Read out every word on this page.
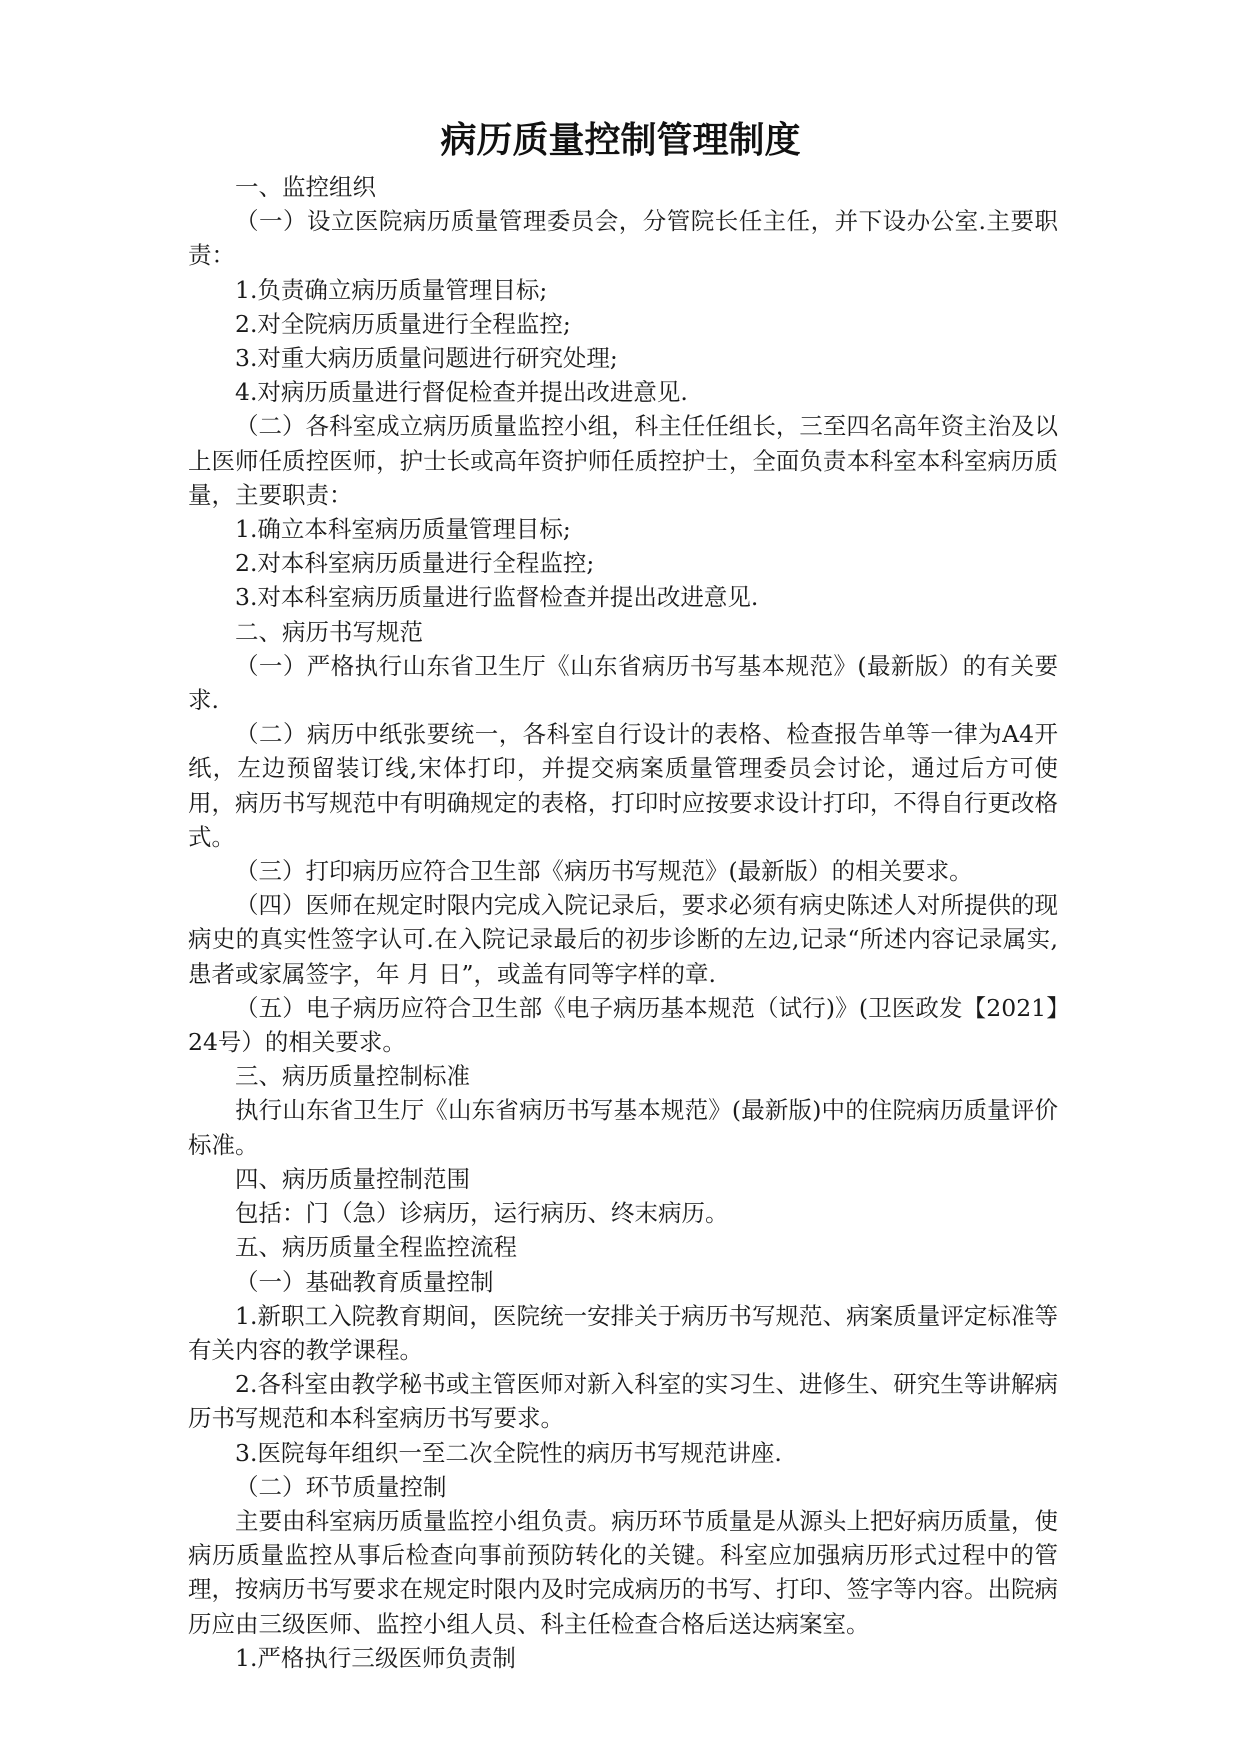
病历质量控制管理制度

一、监控组织

（一）设立医院病历质量管理委员会，分管院长任主任，并下设办公室.主要职责：

1.负责确立病历质量管理目标;

2.对全院病历质量进行全程监控;

3.对重大病历质量问题进行研究处理;

4.对病历质量进行督促检查并提出改进意见.

（二）各科室成立病历质量监控小组，科主任任组长，三至四名高年资主治及以上医师任质控医师，护士长或高年资护师任质控护士，全面负责本科室本科室病历质量，主要职责：

1.确立本科室病历质量管理目标;

2.对本科室病历质量进行全程监控;

3.对本科室病历质量进行监督检查并提出改进意见.

二、病历书写规范

（一）严格执行山东省卫生厅《山东省病历书写基本规范》(最新版）的有关要求.

（二）病历中纸张要统一，各科室自行设计的表格、检查报告单等一律为A4开纸，左边预留装订线,宋体打印，并提交病案质量管理委员会讨论，通过后方可使用，病历书写规范中有明确规定的表格，打印时应按要求设计打印，不得自行更改格式。

（三）打印病历应符合卫生部《病历书写规范》(最新版）的相关要求。

（四）医师在规定时限内完成入院记录后，要求必须有病史陈述人对所提供的现病史的真实性签字认可.在入院记录最后的初步诊断的左边,记录“所述内容记录属实,患者或家属签字，年 月 日”，或盖有同等字样的章.

（五）电子病历应符合卫生部《电子病历基本规范（试行)》(卫医政发【2021】24号）的相关要求。

三、病历质量控制标准

执行山东省卫生厅《山东省病历书写基本规范》(最新版)中的住院病历质量评价标准。

四、病历质量控制范围

包括：门（急）诊病历，运行病历、终末病历。

五、病历质量全程监控流程

（一）基础教育质量控制

1.新职工入院教育期间，医院统一安排关于病历书写规范、病案质量评定标准等有关内容的教学课程。

2.各科室由教学秘书或主管医师对新入科室的实习生、进修生、研究生等讲解病历书写规范和本科室病历书写要求。

3.医院每年组织一至二次全院性的病历书写规范讲座.

（二）环节质量控制

主要由科室病历质量监控小组负责。病历环节质量是从源头上把好病历质量，使病历质量监控从事后检查向事前预防转化的关键。科室应加强病历形式过程中的管理，按病历书写要求在规定时限内及时完成病历的书写、打印、签字等内容。出院病历应由三级医师、监控小组人员、科主任检查合格后送达病案室。

1.严格执行三级医师负责制
